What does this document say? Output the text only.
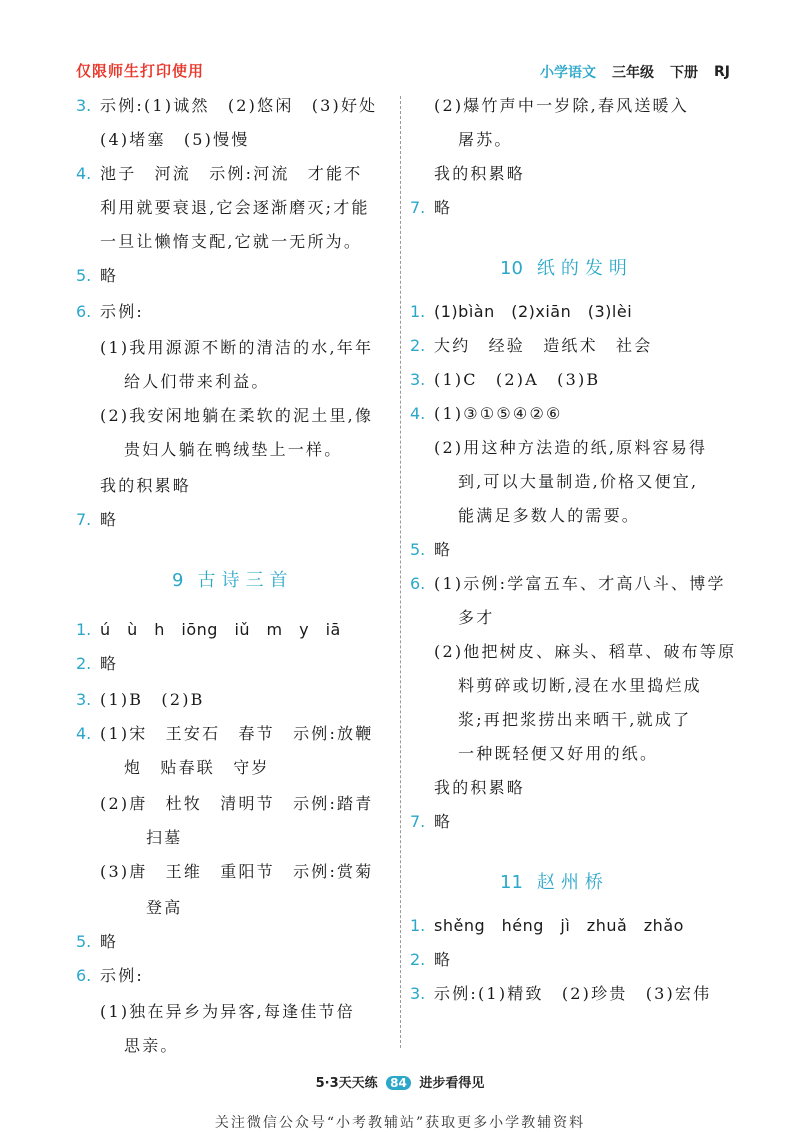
仅限师生打印使用	小学语文 三年级 下册 RJ
3. 示例:(1)诚然　(2)悠闲　(3)好处
(4)堵塞　(5)慢慢
4. 池子　河流　示例:河流　才能不
利用就要衰退,它会逐渐磨灭;才能
一旦让懒惰支配,它就一无所为。
5. 略
6. 示例:
(1)我用源源不断的清洁的水,年年
给人们带来利益。
(2)我安闲地躺在柔软的泥土里,像
贵妇人躺在鸭绒垫上一样。
我的积累略
7. 略
9 古诗三首
1. ú　ù　h　iōng　iǔ　m　y　iā
2. 略
3. (1)B　(2)B
4. (1)宋　王安石　春节　示例:放鞭
炮　贴春联　守岁
(2)唐　杜牧　清明节　示例:踏青
扫墓
(3)唐　王维　重阳节　示例:赏菊
登高
5. 略
6. 示例:
(1)独在异乡为异客,每逢佳节倍
思亲。
(2)爆竹声中一岁除,春风送暖入
屠苏。
我的积累略
7. 略
10 纸的发明
1. (1)bìàn　(2)xiān　(3)lèi
2. 大约　经验　造纸术　社会
3. (1)C　(2)A　(3)B
4. (1)③①⑤④②⑥
(2)用这种方法造的纸,原料容易得
到,可以大量制造,价格又便宜,
能满足多数人的需要。
5. 略
6. (1)示例:学富五车、才高八斗、博学
多才
(2)他把树皮、麻头、稻草、破布等原
料剪碎或切断,浸在水里捣烂成
浆;再把浆捞出来晒干,就成了
一种既轻便又好用的纸。
我的积累略
7. 略
11 赵州桥
1. shěng　héng　jì　zhuǎ　zhǎo
2. 略
3. 示例:(1)精致　(2)珍贵　(3)宏伟
5·3天天练 84 进步看得见
关注微信公众号“小考教辅站”获取更多小学教辅资料
